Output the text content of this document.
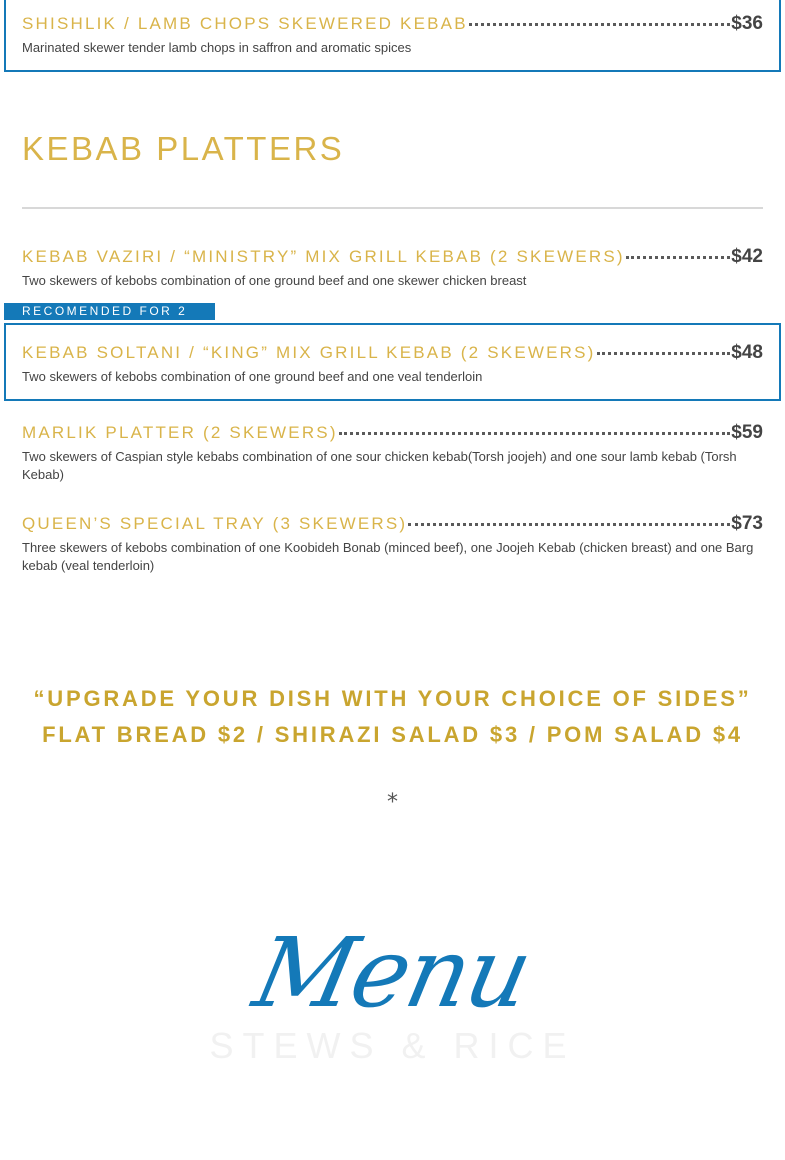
SHISHLIK / LAMB CHOPS SKEWERED KEBAB	$36
Marinated skewer tender lamb chops in saffron and aromatic spices
KEBAB PLATTERS
KEBAB VAZIRI / “MINISTRY” MIX GRILL KEBAB (2 SKEWERS)	$42
Two skewers of kebobs combination of one ground beef and one skewer chicken breast
RECOMENDED FOR 2
KEBAB SOLTANI / “KING” MIX GRILL KEBAB (2 SKEWERS)	$48
Two skewers of kebobs combination of one ground beef and one veal tenderloin
MARLIK PLATTER (2 SKEWERS)	$59
Two skewers of Caspian style kebabs combination of one sour chicken kebab(Torsh joojeh) and one sour lamb kebab (Torsh Kebab)
QUEEN’S SPECIAL TRAY (3 SKEWERS)	$73
Three skewers of kebobs combination of one Koobideh Bonab (minced beef), one Joojeh Kebab (chicken breast) and one Barg kebab (veal tenderloin)
“UPGRADE YOUR DISH WITH YOUR CHOICE OF SIDES”
FLAT BREAD $2 / SHIRAZI SALAD $3 / POM SALAD $4
*
Menu
STEWS & RICE
